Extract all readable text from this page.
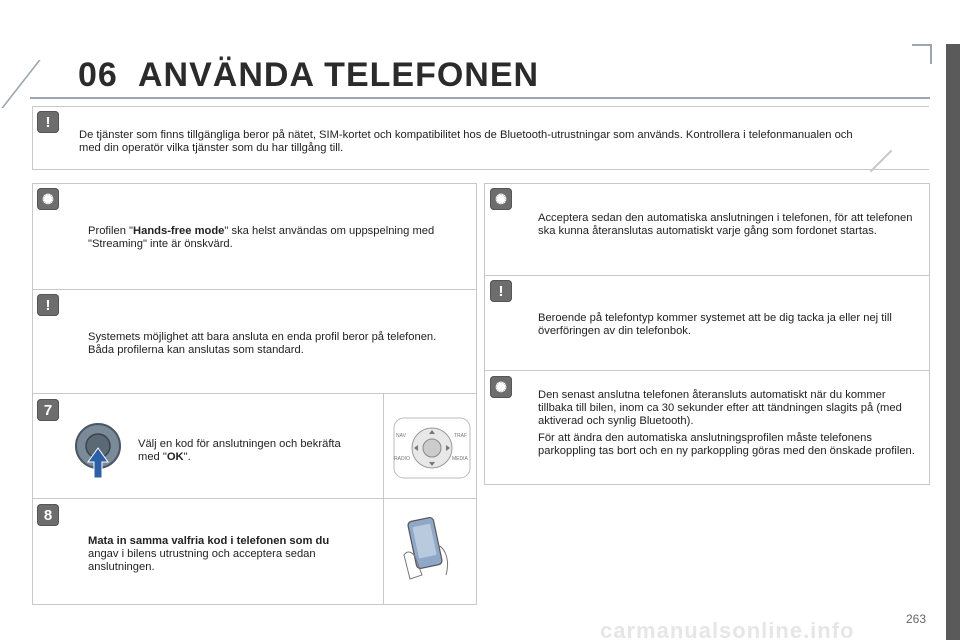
06 ANVÄNDA TELEFONEN
!
De tjänster som finns tillgängliga beror på nätet, SIM-kortet och kompatibilitet hos de Bluetooth-utrustningar som används. Kontrollera i telefonmanualen och med din operatör vilka tjänster som du har tillgång till.
✺
Profilen "Hands-free mode" ska helst användas om uppspelning med "Streaming" inte är önskvärd.
!
Systemets möjlighet att bara ansluta en enda profil beror på telefonen. Båda profilerna kan anslutas som standard.
7
Välj en kod för anslutningen och bekräfta med "OK".
NAV	TRAF
RADIO	MEDIA
8
Mata in samma valfria kod i telefonen som du
angav i bilens utrustning och acceptera sedan anslutningen.
✺
Acceptera sedan den automatiska anslutningen i telefonen, för att telefonen ska kunna återanslutas automatiskt varje gång som fordonet startas.
!
Beroende på telefontyp kommer systemet att be dig tacka ja eller nej till överföringen av din telefonbok.
✺
Den senast anslutna telefonen återansluts automatiskt när du kommer tillbaka till bilen, inom ca 30 sekunder efter att tändningen slagits på (med aktiverad och synlig Bluetooth).
För att ändra den automatiska anslutningsprofilen måste telefonens parkoppling tas bort och en ny parkoppling göras med den önskade profilen.
carmanualsonline.info	263
